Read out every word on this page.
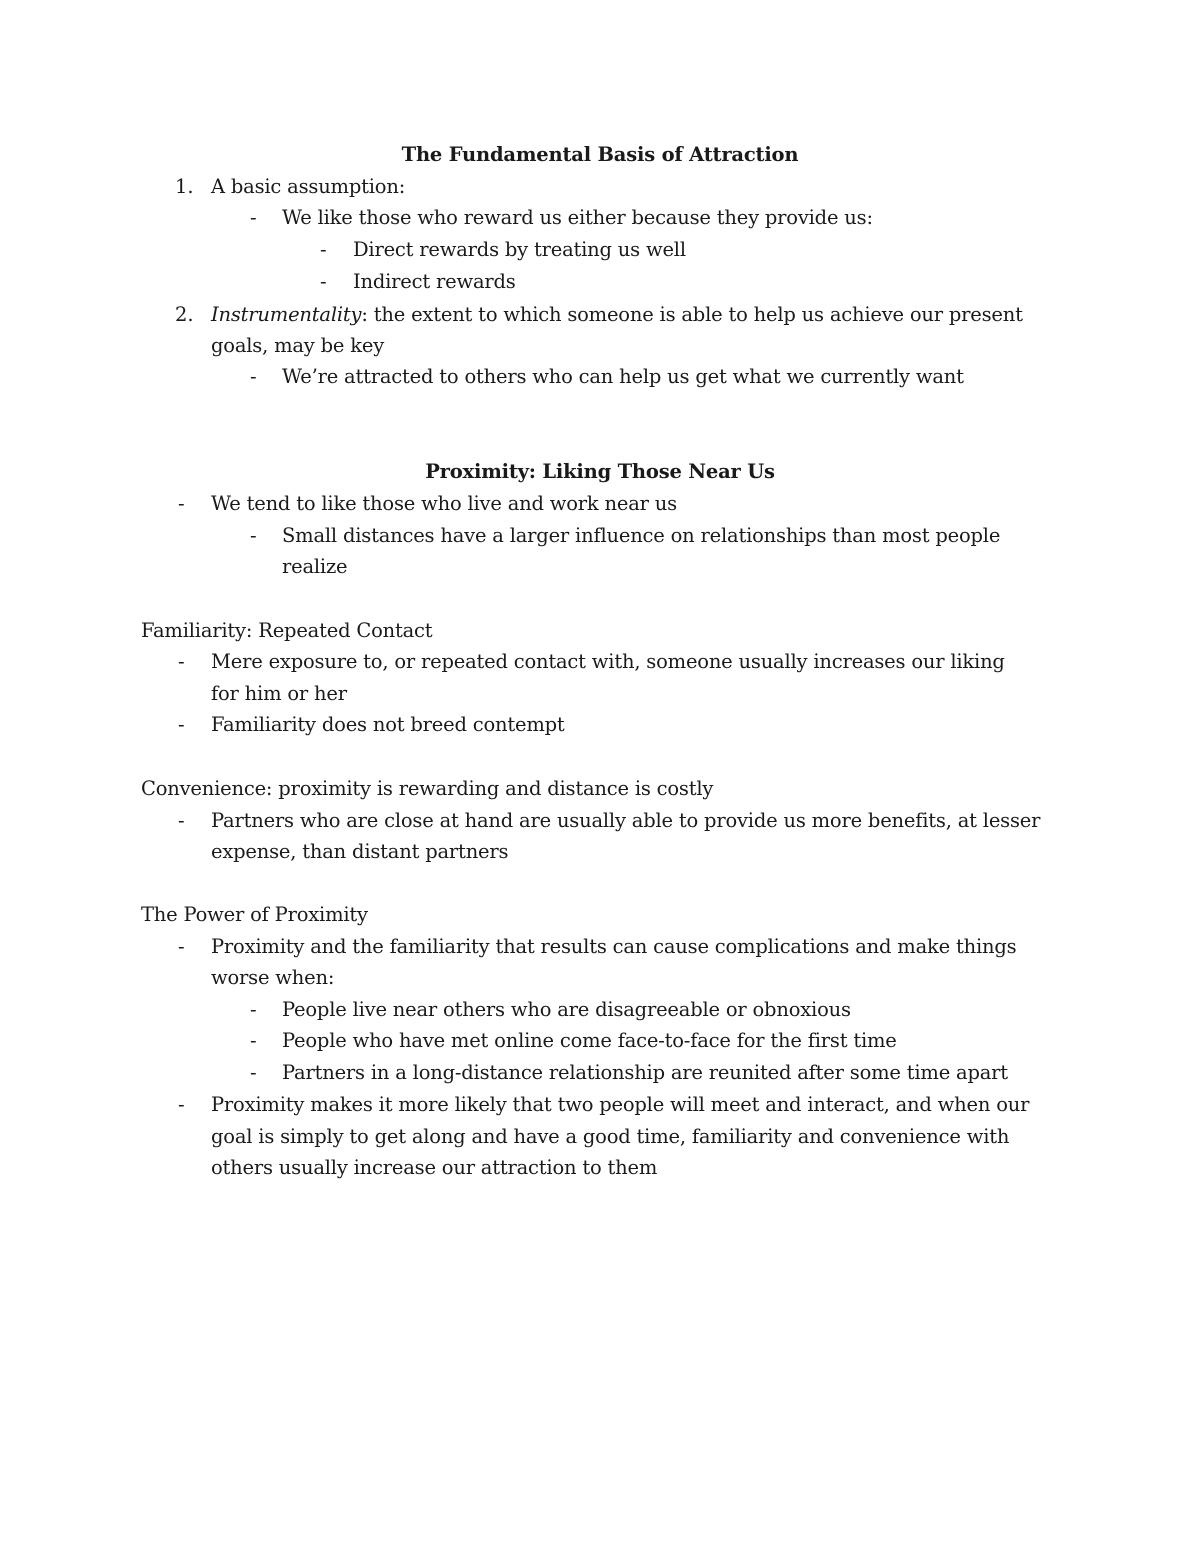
The Fundamental Basis of Attraction
1. A basic assumption:
- We like those who reward us either because they provide us:
- Direct rewards by treating us well
- Indirect rewards
2. Instrumentality: the extent to which someone is able to help us achieve our present
goals, may be key
- We’re attracted to others who can help us get what we currently want
Proximity: Liking Those Near Us
- We tend to like those who live and work near us
- Small distances have a larger influence on relationships than most people
realize
Familiarity: Repeated Contact
- Mere exposure to, or repeated contact with, someone usually increases our liking
for him or her
- Familiarity does not breed contempt
Convenience: proximity is rewarding and distance is costly
- Partners who are close at hand are usually able to provide us more benefits, at lesser
expense, than distant partners
The Power of Proximity
- Proximity and the familiarity that results can cause complications and make things
worse when:
- People live near others who are disagreeable or obnoxious
- People who have met online come face-to-face for the first time
- Partners in a long-distance relationship are reunited after some time apart
- Proximity makes it more likely that two people will meet and interact, and when our
goal is simply to get along and have a good time, familiarity and convenience with
others usually increase our attraction to them
